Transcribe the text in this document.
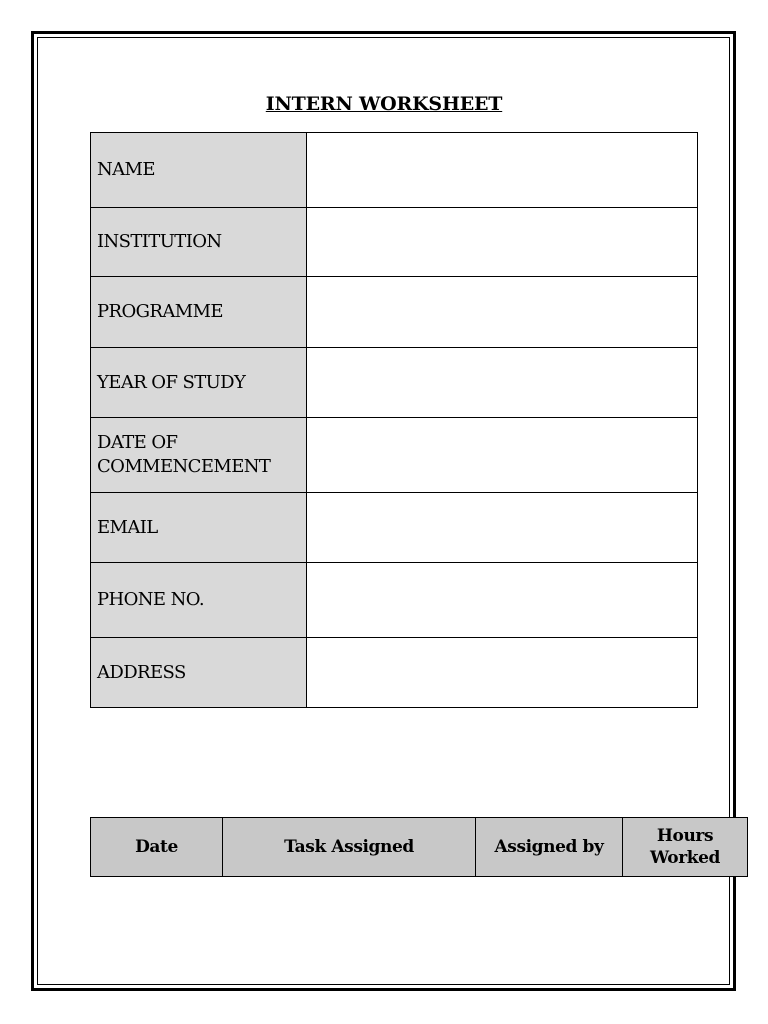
INTERN WORKSHEET
NAME	
INSTITUTION	
PROGRAMME	
YEAR OF STUDY	
DATE OF COMMENCEMENT	
EMAIL	
PHONE NO.	
ADDRESS	
Date	Task Assigned	Assigned by	Hours Worked
